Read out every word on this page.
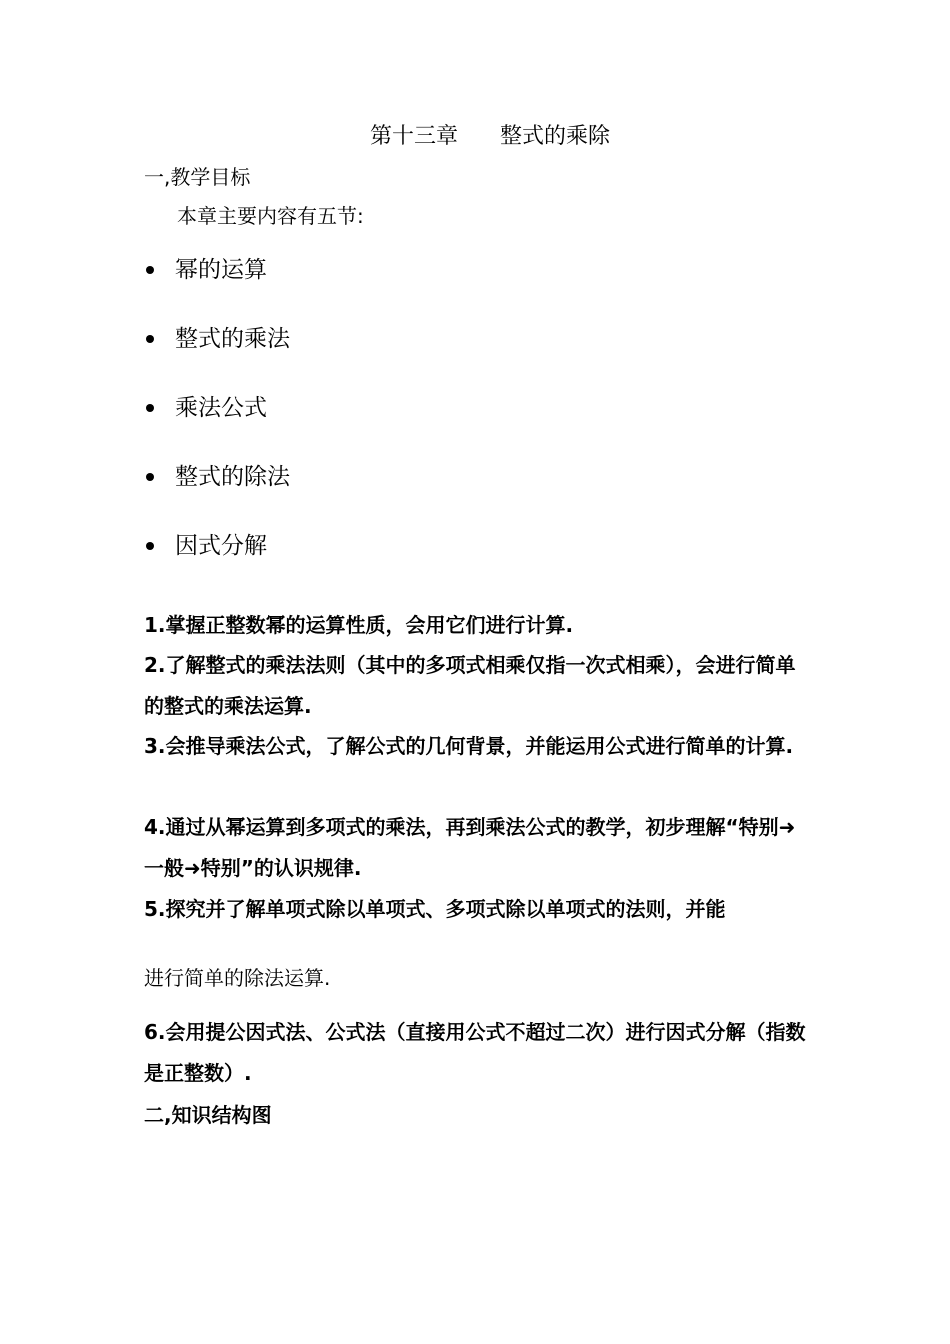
第十三章      整式的乘除
一,教学目标
本章主要内容有五节:
幂的运算
整式的乘法
乘法公式
整式的除法
因式分解
1.掌握正整数幂的运算性质，会用它们进行计算.
2.了解整式的乘法法则（其中的多项式相乘仅指一次式相乘），会进行简单的整式的乘法运算.
3.会推导乘法公式，了解公式的几何背景，并能运用公式进行简单的计算.
4.通过从幂运算到多项式的乘法，再到乘法公式的教学，初步理解“特别➜一般➜特别”的认识规律.
5.探究并了解单项式除以单项式、多项式除以单项式的法则，并能
进行简单的除法运算.
6.会用提公因式法、公式法（直接用公式不超过二次）进行因式分解（指数是正整数）.
二,知识结构图
